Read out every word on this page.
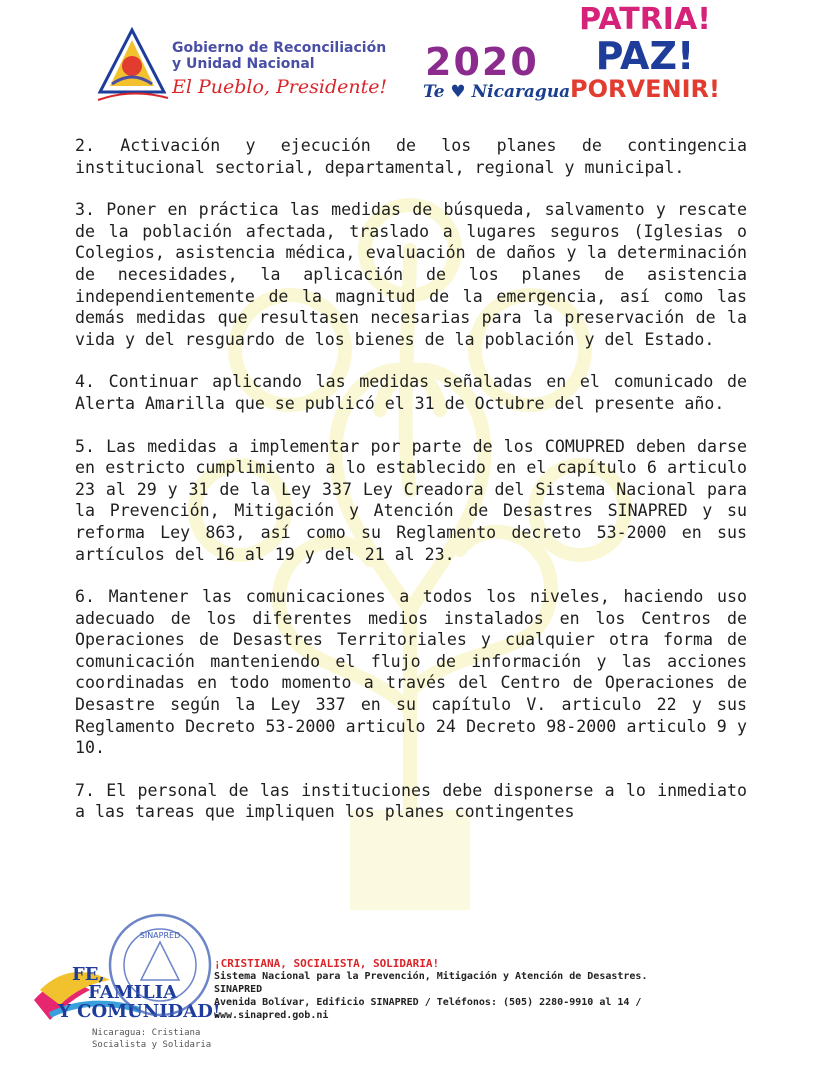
Gobierno de Reconciliación
y Unidad Nacional
El Pueblo, Presidente!
2020
Te ♥ Nicaragua
PATRIA!
PAZ!
PORVENIR!

2. Activación y ejecución de los planes de contingencia institucional sectorial, departamental, regional y municipal.

3. Poner en práctica las medidas de búsqueda, salvamento y rescate de la población afectada, traslado a lugares seguros (Iglesias o Colegios, asistencia médica, evaluación de daños y la determinación de necesidades, la aplicación de los planes de asistencia independientemente de la magnitud de la emergencia, así como las demás medidas que resultasen necesarias para la preservación de la vida y del resguardo de los bienes de la población y del Estado.

4. Continuar aplicando las medidas señaladas en el comunicado de Alerta Amarilla que se publicó el 31 de Octubre del presente año.

5. Las medidas a implementar por parte de los COMUPRED deben darse en estricto cumplimiento a lo establecido en el capítulo 6 articulo 23 al 29 y 31 de la Ley 337 Ley Creadora del Sistema Nacional para la Prevención, Mitigación y Atención de Desastres SINAPRED y su reforma Ley 863, así como su Reglamento decreto 53-2000 en sus artículos del 16 al 19 y del 21 al 23.

6. Mantener las comunicaciones a todos los niveles, haciendo uso adecuado de los diferentes medios instalados en los Centros de Operaciones de Desastres Territoriales y cualquier otra forma de comunicación manteniendo el flujo de información y las acciones coordinadas en todo momento a través del Centro de Operaciones de Desastre según la Ley 337 en su capítulo V. articulo 22 y sus Reglamento Decreto 53-2000 articulo 24 Decreto 98-2000 articulo 9 y 10.

7. El personal de las instituciones debe disponerse a lo inmediato a las tareas que impliquen los planes contingentes

FE,
FAMILIA
Y COMUNIDAD!
SINAPRED
Nicaragua: Cristiana
Socialista y Solidaria
¡CRISTIANA, SOCIALISTA, SOLIDARIA!
Sistema Nacional para la Prevención, Mitigación y Atención de Desastres.
SINAPRED
Avenida Bolívar, Edificio SINAPRED / Teléfonos: (505) 2280-9910 al 14 /
www.sinapred.gob.ni
